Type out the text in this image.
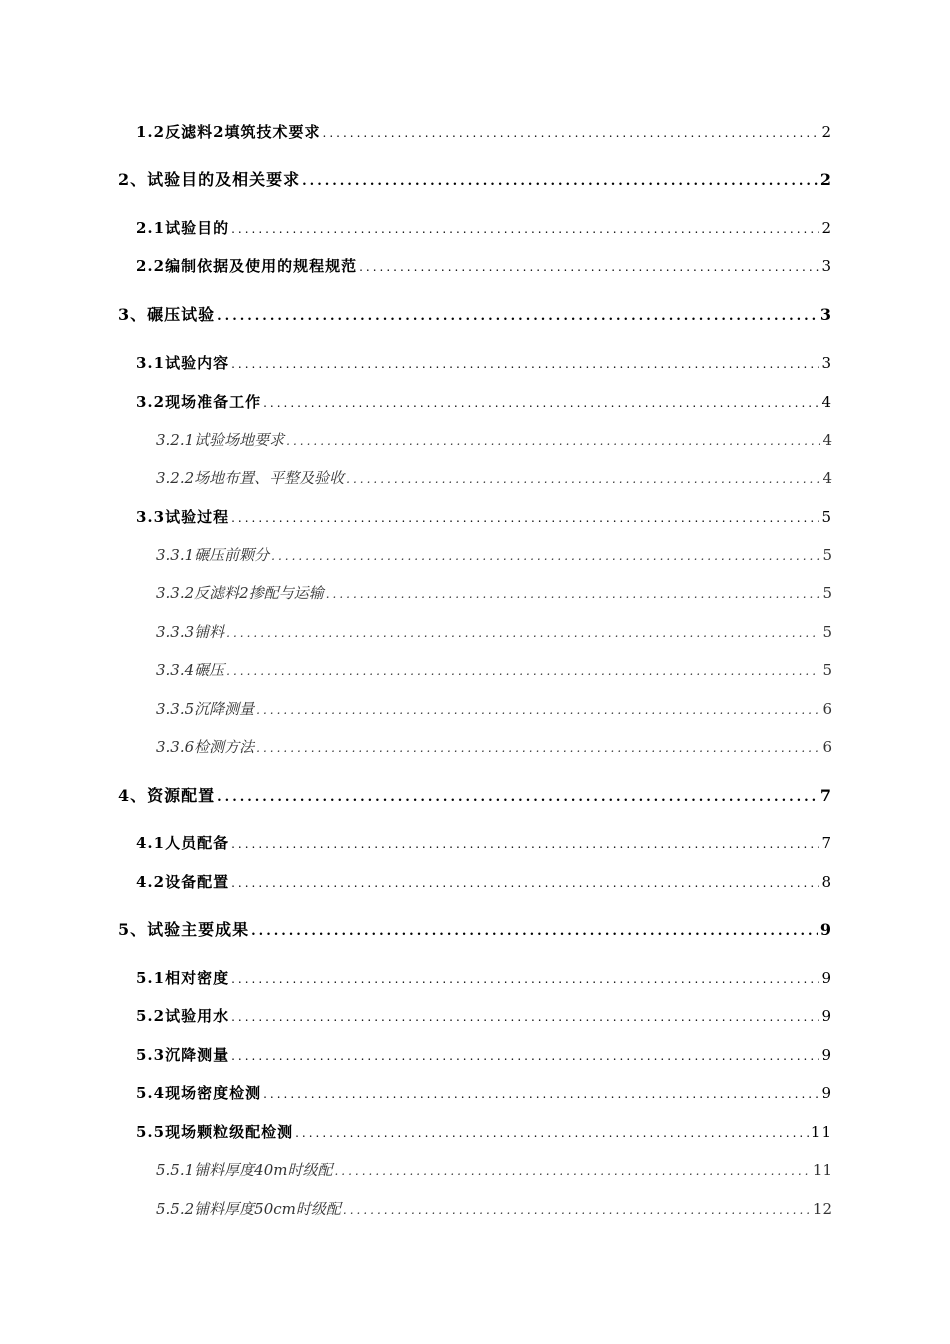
1.2反滤料2填筑技术要求 .....	2
2、试验目的及相关要求 .....	2
2.1试验目的 .....	2
2.2编制依据及使用的规程规范 .....	3
3、碾压试验 .....	3
3.1试验内容 .....	3
3.2现场准备工作 .....	4
3.2.1试验场地要求 .....	4
3.2.2场地布置、平整及验收 .....	4
3.3试验过程 .....	5
3.3.1碾压前颗分 .....	5
3.3.2反滤料2掺配与运输 .....	5
3.3.3铺料 .....	5
3.3.4碾压 .....	5
3.3.5沉降测量 .....	6
3.3.6检测方法 .....	6
4、资源配置 .....	7
4.1人员配备 .....	7
4.2设备配置 .....	8
5、试验主要成果 .....	9
5.1相对密度 .....	9
5.2试验用水 .....	9
5.3沉降测量 .....	9
5.4现场密度检测 .....	9
5.5现场颗粒级配检测 .....	11
5.5.1铺料厚度40m时级配 .....	11
5.5.2铺料厚度50cm时级配 .....	12
